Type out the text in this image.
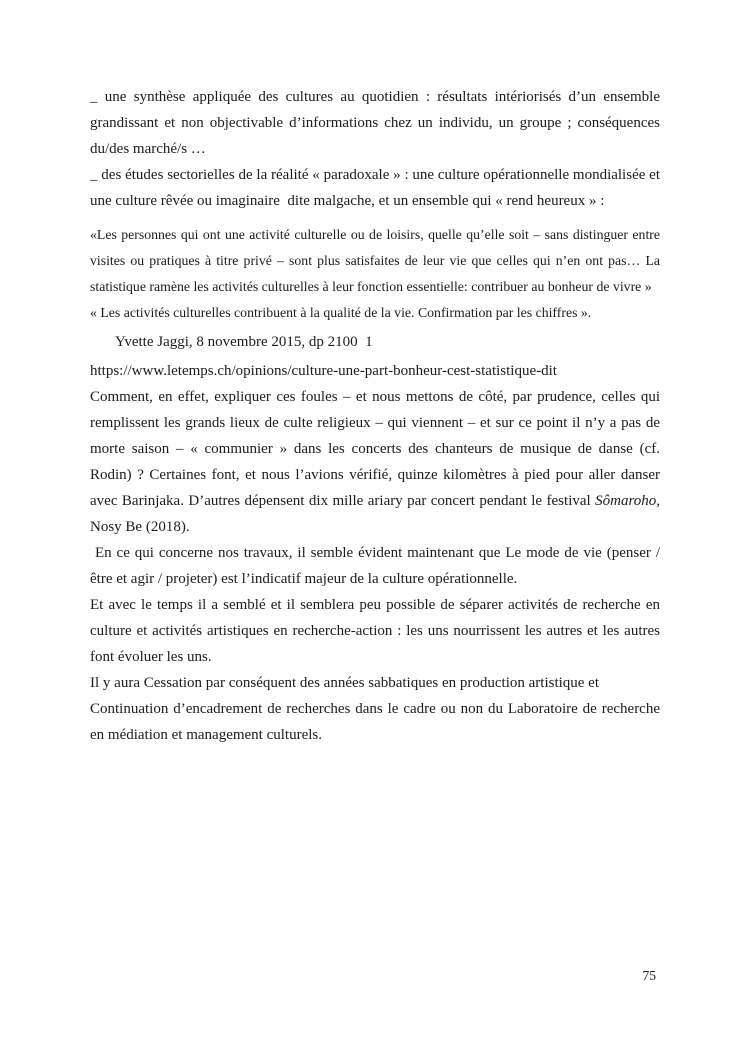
_ une synthèse appliquée des cultures au quotidien : résultats intériorisés d’un ensemble grandissant et non objectivable d’informations chez un individu, un groupe ; conséquences du/des marché/s …

_ des études sectorielles de la réalité « paradoxale » : une culture opérationnelle mondialisée et une culture rêvée ou imaginaire  dite malgache, et un ensemble qui « rend heureux » :

«Les personnes qui ont une activité culturelle ou de loisirs, quelle qu’elle soit – sans distinguer entre visites ou pratiques à titre privé – sont plus satisfaites de leur vie que celles qui n’en ont pas… La statistique ramène les activités culturelles à leur fonction essentielle: contribuer au bonheur de vivre »

« Les activités culturelles contribuent à la qualité de la vie. Confirmation par les chiffres ».

Yvette Jaggi, 8 novembre 2015, dp 2100  1

https://www.letemps.ch/opinions/culture-une-part-bonheur-cest-statistique-dit

Comment, en effet, expliquer ces foules – et nous mettons de côté, par prudence, celles qui remplissent les grands lieux de culte religieux – qui viennent – et sur ce point il n’y a pas de morte saison – « communier » dans les concerts des chanteurs de musique de danse (cf. Rodin) ? Certaines font, et nous l’avions vérifié, quinze kilomètres à pied pour aller danser avec Barinjaka. D’autres dépensent dix mille ariary par concert pendant le festival Sômaroho, Nosy Be (2018).

En ce qui concerne nos travaux, il semble évident maintenant que Le mode de vie (penser / être et agir / projeter) est l’indicatif majeur de la culture opérationnelle.

Et avec le temps il a semblé et il semblera peu possible de séparer activités de recherche en culture et activités artistiques en recherche-action : les uns nourrissent les autres et les autres font évoluer les uns.

Il y aura Cessation par conséquent des années sabbatiques en production artistique et
Continuation d’encadrement de recherches dans le cadre ou non du Laboratoire de recherche en médiation et management culturels.

75
